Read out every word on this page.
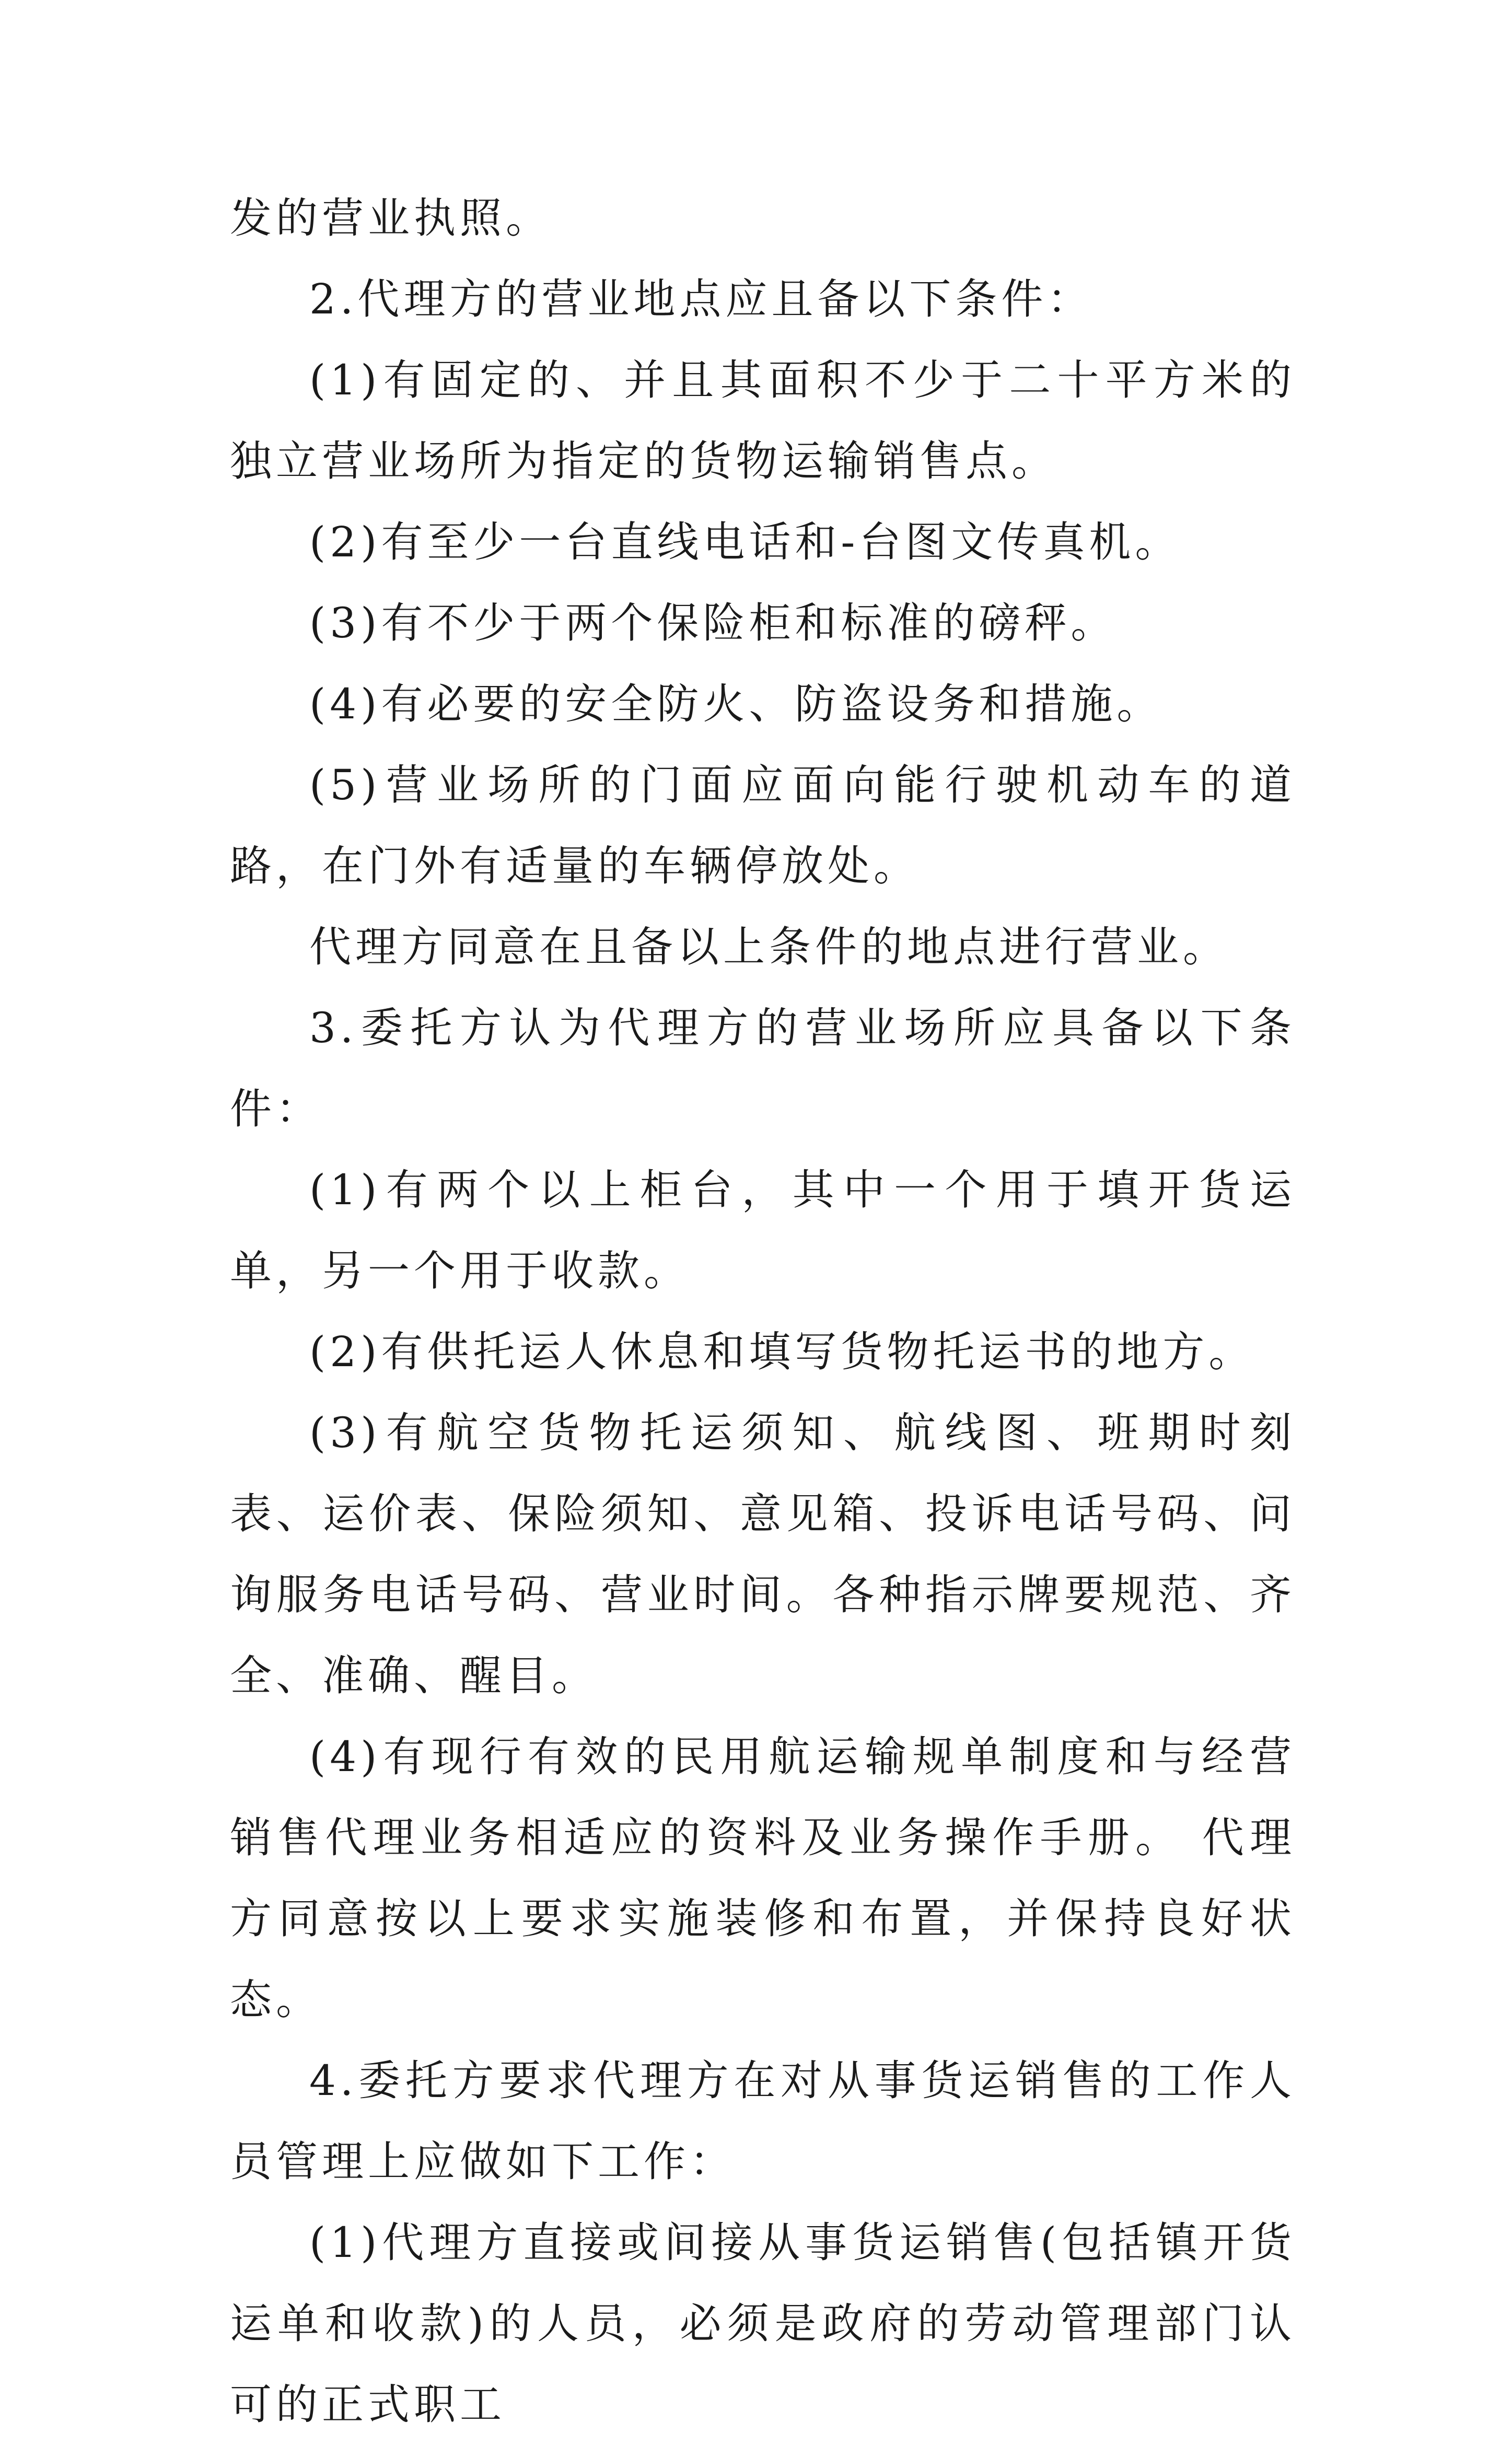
发的营业执照。

2.代理方的营业地点应且备以下条件：

(1)有固定的、并且其面积不少于二十平方米的独立营业场所为指定的货物运输销售点。

(2)有至少一台直线电话和-台图文传真机。

(3)有不少于两个保险柜和标准的磅秤。

(4)有必要的安全防火、防盗设务和措施。

(5)营业场所的门面应面向能行驶机动车的道路，在门外有适量的车辆停放处。

代理方同意在且备以上条件的地点进行营业。

3.委托方认为代理方的营业场所应具备以下条件：

(1)有两个以上柜台，其中一个用于填开货运单，另一个用于收款。

(2)有供托运人休息和填写货物托运书的地方。

(3)有航空货物托运须知、航线图、班期时刻表、运价表、保险须知、意见箱、投诉电话号码、问询服务电话号码、营业时间。各种指示牌要规范、齐全、准确、醒目。

(4)有现行有效的民用航运输规单制度和与经营销售代理业务相适应的资料及业务操作手册。 代理方同意按以上要求实施装修和布置，并保持良好状态。

4.委托方要求代理方在对从事货运销售的工作人员管理上应做如下工作：

(1)代理方直接或间接从事货运销售(包括镇开货运单和收款)的人员，必须是政府的劳动管理部门认可的正式职工
